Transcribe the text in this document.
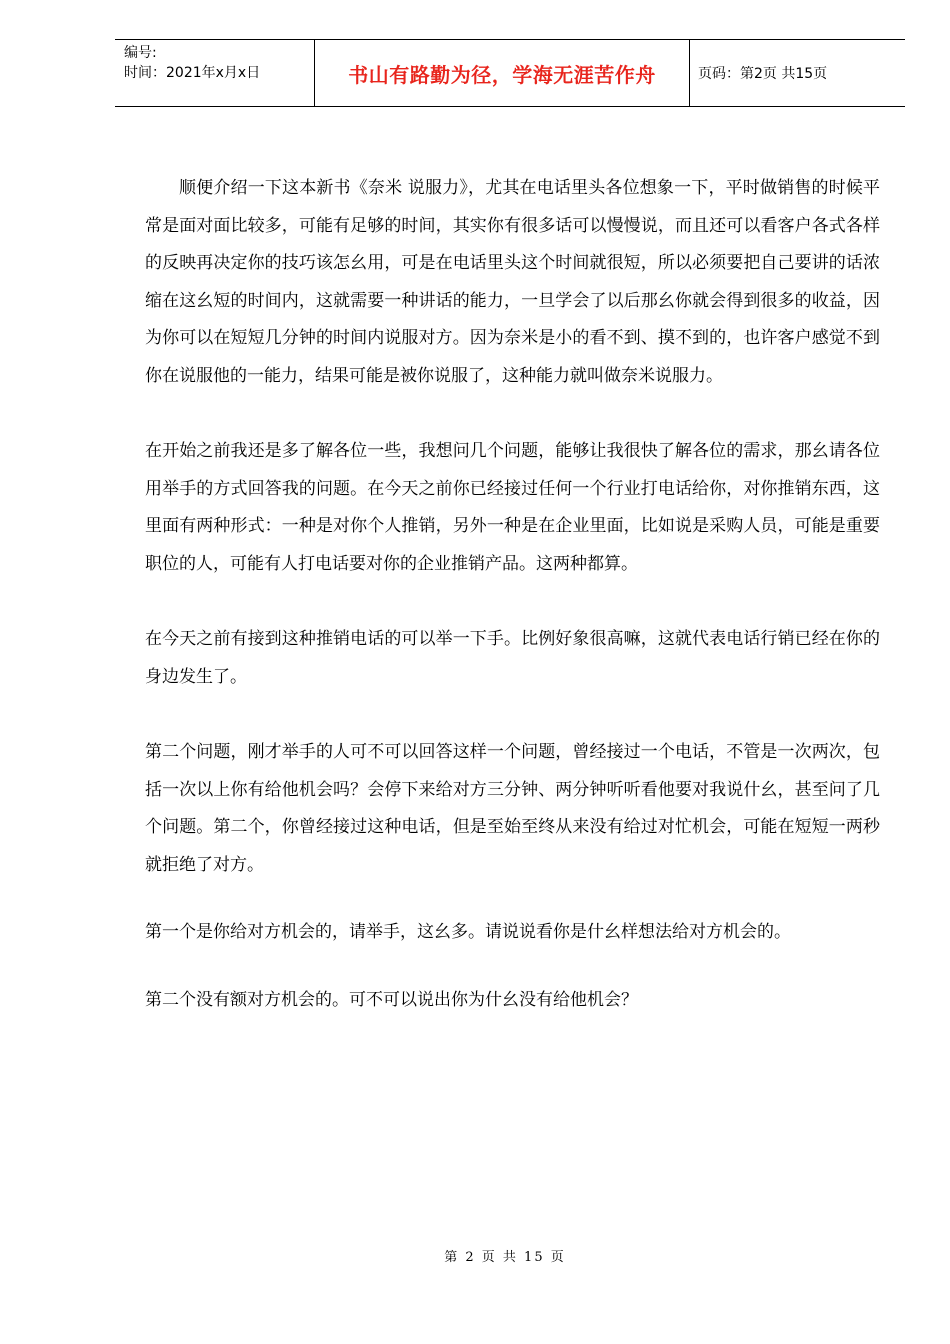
编号:
时间：2021年x月x日	书山有路勤为径，学海无涯苦作舟	页码：第2页 共15页

顺便介绍一下这本新书《奈米 说服力》，尤其在电话里头各位想象一下，平时做销售的时候平常是面对面比较多，可能有足够的时间，其实你有很多话可以慢慢说，而且还可以看客户各式各样的反映再决定你的技巧该怎幺用，可是在电话里头这个时间就很短，所以必须要把自己要讲的话浓缩在这幺短的时间内，这就需要一种讲话的能力，一旦学会了以后那幺你就会得到很多的收益，因为你可以在短短几分钟的时间内说服对方。因为奈米是小的看不到、摸不到的，也许客户感觉不到你在说服他的一能力，结果可能是被你说服了，这种能力就叫做奈米说服力。

在开始之前我还是多了解各位一些，我想问几个问题，能够让我很快了解各位的需求，那幺请各位用举手的方式回答我的问题。在今天之前你已经接过任何一个行业打电话给你，对你推销东西，这里面有两种形式：一种是对你个人推销，另外一种是在企业里面，比如说是采购人员，可能是重要职位的人，可能有人打电话要对你的企业推销产品。这两种都算。

在今天之前有接到这种推销电话的可以举一下手。比例好象很高嘛，这就代表电话行销已经在你的身边发生了。

第二个问题，刚才举手的人可不可以回答这样一个问题，曾经接过一个电话，不管是一次两次，包括一次以上你有给他机会吗？会停下来给对方三分钟、两分钟听听看他要对我说什幺，甚至问了几个问题。第二个，你曾经接过这种电话，但是至始至终从来没有给过对忙机会，可能在短短一两秒就拒绝了对方。

第一个是你给对方机会的，请举手，这幺多。请说说看你是什幺样想法给对方机会的。

第二个没有额对方机会的。可不可以说出你为什幺没有给他机会？

第 2 页 共 15 页
